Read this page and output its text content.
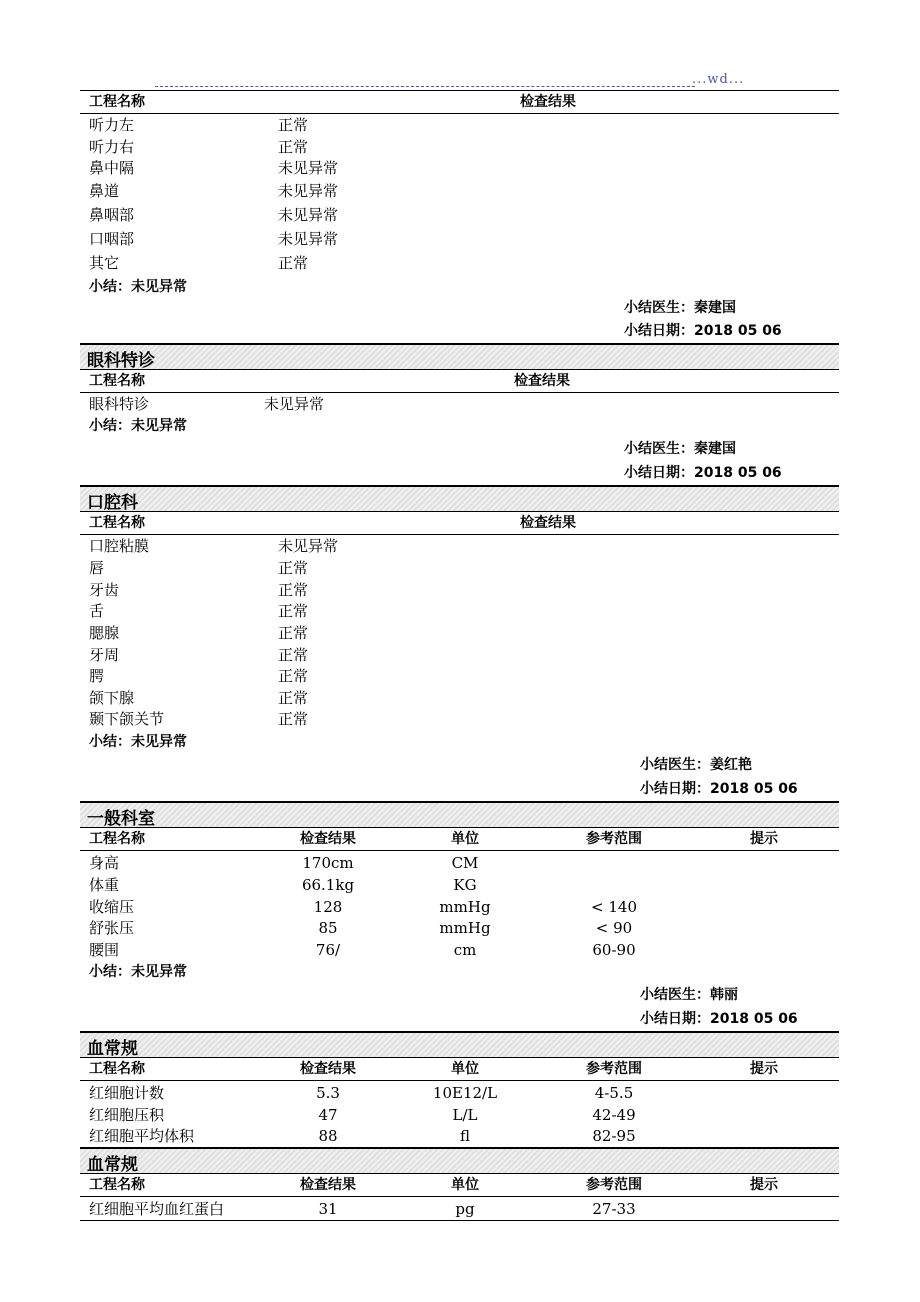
...wd...
工程名称	检查结果
听力左	正常
听力右	正常
鼻中隔	未见异常
鼻道	未见异常
鼻咽部	未见异常
口咽部	未见异常
其它	正常
小结：未见异常
小结医生：秦建国
小结日期：2018 05 06
眼科特诊
工程名称	检查结果
眼科特诊	未见异常
小结：未见异常
小结医生：秦建国
小结日期：2018 05 06
口腔科
工程名称	检查结果
口腔粘膜	未见异常
唇	正常
牙齿	正常
舌	正常
腮腺	正常
牙周	正常
腭	正常
颌下腺	正常
颞下颌关节	正常
小结：未见异常
小结医生：姜红艳
小结日期：2018 05 06
一般科室
工程名称	检查结果	单位	参考范围	提示
身高	170cm	CM
体重	66.1kg	KG
收缩压	128	mmHg	< 140
舒张压	85	mmHg	< 90
腰围	76/	cm	60-90
小结：未见异常
小结医生：韩丽
小结日期：2018 05 06
血常规
工程名称	检查结果	单位	参考范围	提示
红细胞计数	5.3	10E12/L	4-5.5
红细胞压积	47	L/L	42-49
红细胞平均体积	88	fl	82-95
血常规
工程名称	检查结果	单位	参考范围	提示
红细胞平均血红蛋白	31	pg	27-33
